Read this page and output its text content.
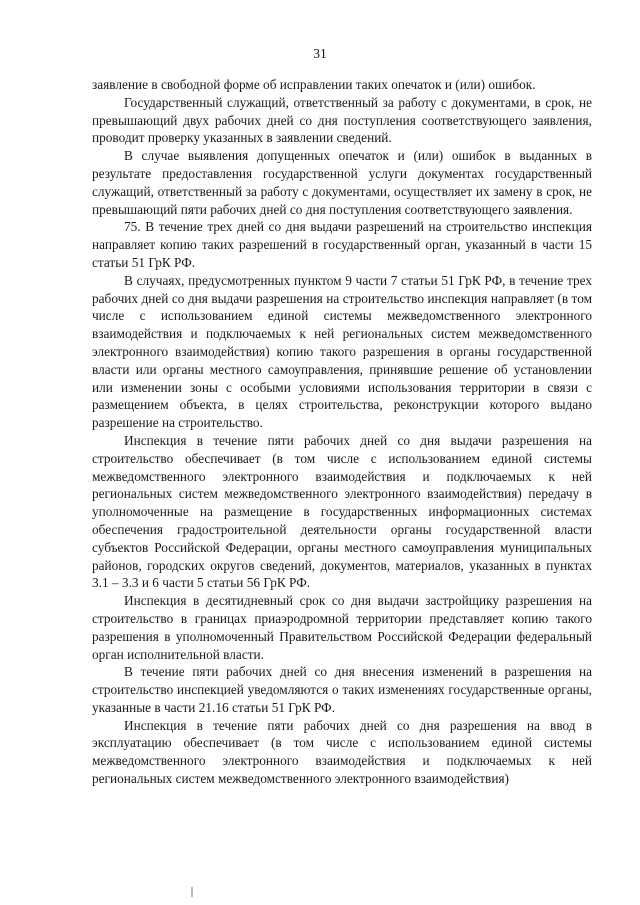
31

заявление в свободной форме об исправлении таких опечаток и (или) ошибок.

Государственный служащий, ответственный за работу с документами, в срок, не превышающий двух рабочих дней со дня поступления соответствующего заявления, проводит проверку указанных в заявлении сведений.

В случае выявления допущенных опечаток и (или) ошибок в выданных в результате предоставления государственной услуги документах государственный служащий, ответственный за работу с документами, осуществляет их замену в срок, не превышающий пяти рабочих дней со дня поступления соответствующего заявления.

75. В течение трех дней со дня выдачи разрешений на строительство инспекция направляет копию таких разрешений в государственный орган, указанный в части 15 статьи 51 ГрК РФ.

В случаях, предусмотренных пунктом 9 части 7 статьи 51 ГрК РФ, в течение трех рабочих дней со дня выдачи разрешения на строительство инспекция направляет (в том числе с использованием единой системы межведомственного электронного взаимодействия и подключаемых к ней региональных систем межведомственного электронного взаимодействия) копию такого разрешения в органы государственной власти или органы местного самоуправления, принявшие решение об установлении или изменении зоны с особыми условиями использования территории в связи с размещением объекта, в целях строительства, реконструкции которого выдано разрешение на строительство.

Инспекция в течение пяти рабочих дней со дня выдачи разрешения на строительство обеспечивает (в том числе с использованием единой системы межведомственного электронного взаимодействия и подключаемых к ней региональных систем межведомственного электронного взаимодействия) передачу в уполномоченные на размещение в государственных информационных системах обеспечения градостроительной деятельности органы государственной власти субъектов Российской Федерации, органы местного самоуправления муниципальных районов, городских округов сведений, документов, материалов, указанных в пунктах 3.1 – 3.3 и 6 части 5 статьи 56 ГрК РФ.

Инспекция в десятидневный срок со дня выдачи застройщику разрешения на строительство в границах приаэродромной территории представляет копию такого разрешения в уполномоченный Правительством Российской Федерации федеральный орган исполнительной власти.

В течение пяти рабочих дней со дня внесения изменений в разрешения на строительство инспекцией уведомляются о таких изменениях государственные органы, указанные в части 21.16 статьи 51 ГрК РФ.

Инспекция в течение пяти рабочих дней со дня разрешения на ввод в эксплуатацию обеспечивает (в том числе с использованием единой системы межведомственного электронного взаимодействия и подключаемых к ней региональных систем межведомственного электронного взаимодействия)
